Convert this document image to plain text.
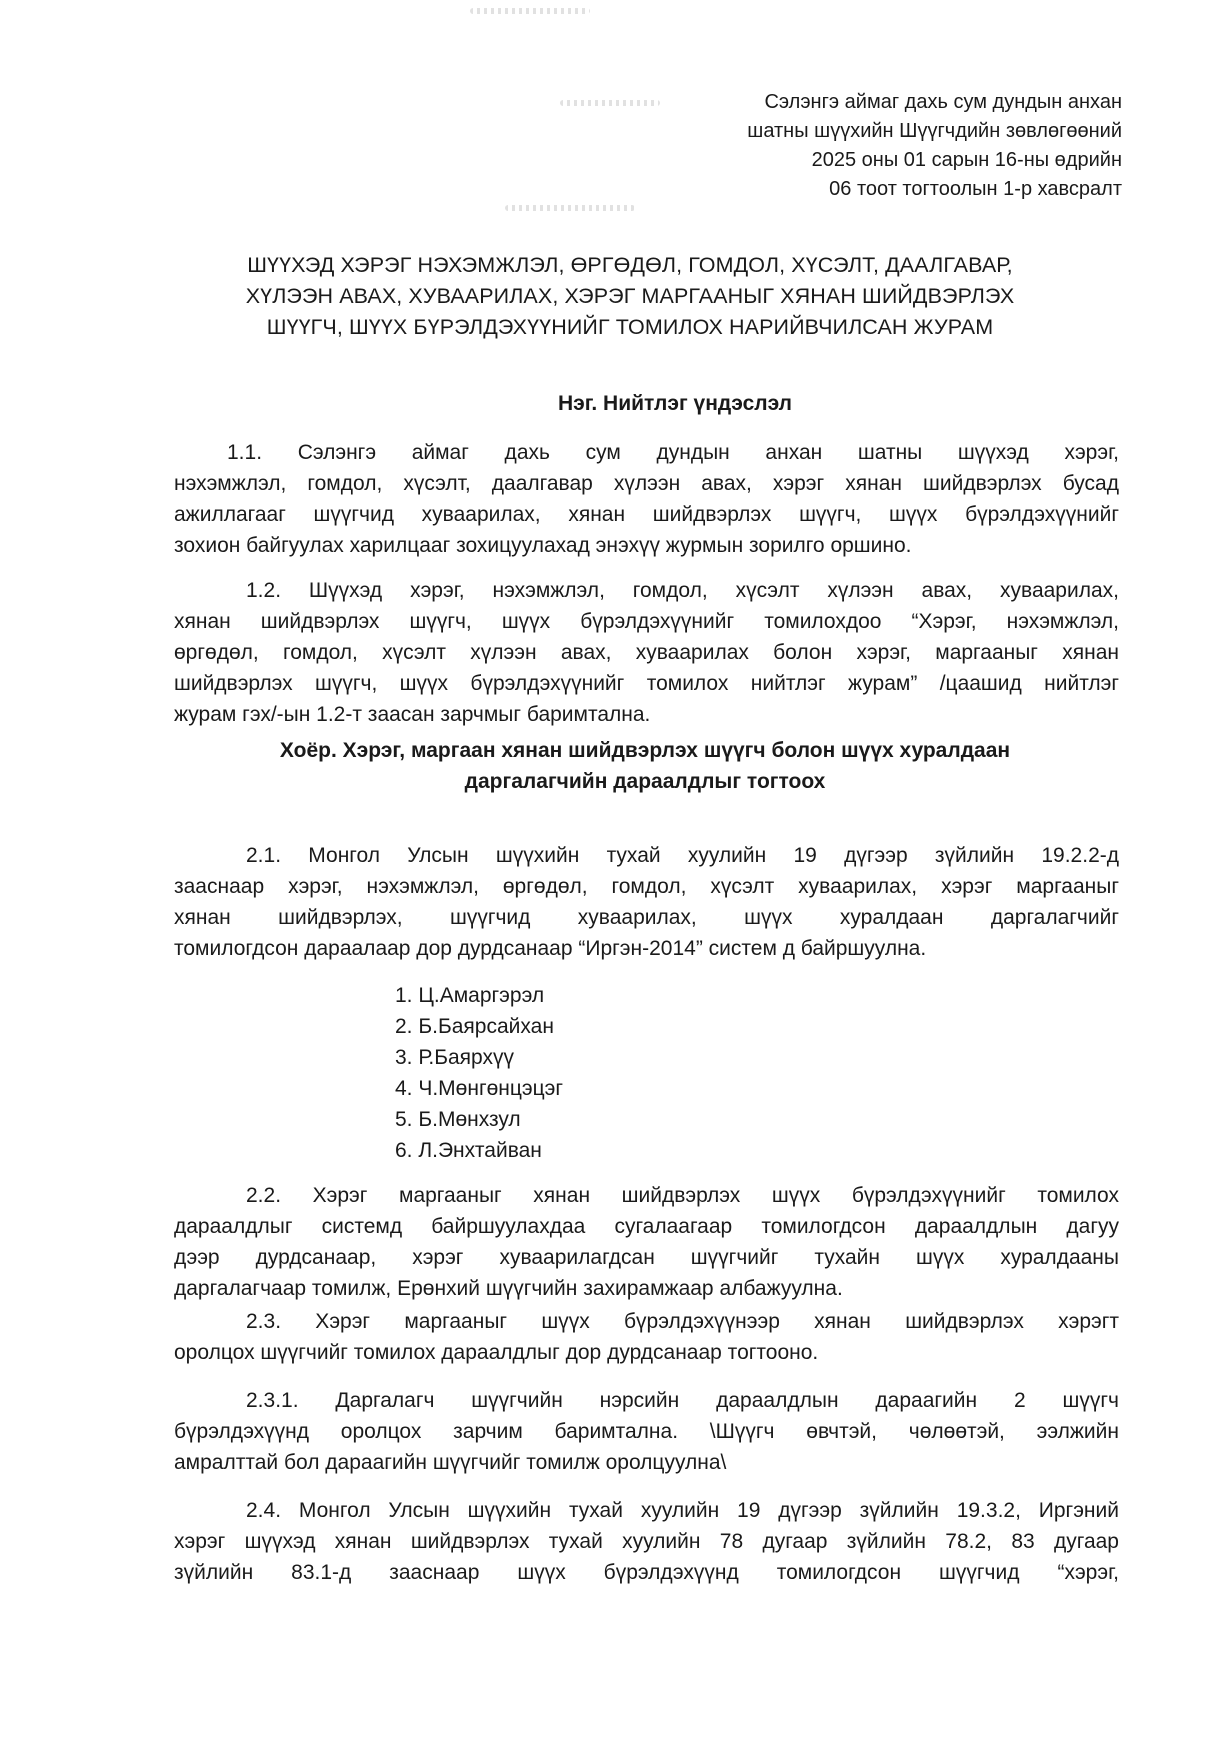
Сэлэнгэ аймаг дахь сум дундын анхан
шатны шүүхийн Шүүгчдийн зөвлөгөөний
2025 оны 01 сарын 16-ны өдрийн
06 тоот тогтоолын 1-р хавсралт
ШҮҮХЭД ХЭРЭГ НЭХЭМЖЛЭЛ, ӨРГӨДӨЛ, ГОМДОЛ, ХҮСЭЛТ, ДААЛГАВАР,
ХҮЛЭЭН АВАХ, ХУВААРИЛАХ, ХЭРЭГ МАРГААНЫГ ХЯНАН ШИЙДВЭРЛЭХ
ШҮҮГЧ, ШҮҮХ БҮРЭЛДЭХҮҮНИЙГ ТОМИЛОХ НАРИЙВЧИЛСАН ЖУРАМ
Нэг. Нийтлэг үндэслэл
1.1. Сэлэнгэ аймаг дахь сум дундын анхан шатны шүүхэд хэрэг,
нэхэмжлэл, гомдол, хүсэлт, даалгавар хүлээн авах, хэрэг хянан шийдвэрлэх бусад
ажиллагааг шүүгчид хуваарилах, хянан шийдвэрлэх шүүгч, шүүх бүрэлдэхүүнийг
зохион байгуулах харилцааг зохицуулахад энэхүү журмын зорилго оршино.
1.2. Шүүхэд хэрэг, нэхэмжлэл, гомдол, хүсэлт хүлээн авах, хуваарилах,
хянан шийдвэрлэх шүүгч, шүүх бүрэлдэхүүнийг томилохдоо “Хэрэг, нэхэмжлэл,
өргөдөл, гомдол, хүсэлт хүлээн авах, хуваарилах болон хэрэг, маргааныг хянан
шийдвэрлэх шүүгч, шүүх бүрэлдэхүүнийг томилох нийтлэг журам” /цаашид нийтлэг
журам гэх/-ын 1.2-т заасан зарчмыг баримтална.
Хоёр. Хэрэг, маргаан хянан шийдвэрлэх шүүгч болон шүүх хуралдаан
даргалагчийн дараалдлыг тогтоох
2.1. Монгол Улсын шүүхийн тухай хуулийн 19 дүгээр зүйлийн 19.2.2-д
зааснаар хэрэг, нэхэмжлэл, өргөдөл, гомдол, хүсэлт хуваарилах, хэрэг маргааныг
хянан шийдвэрлэх, шүүгчид хуваарилах, шүүх хуралдаан даргалагчийг
томилогдсон дараалаар дор дурдсанаар “Иргэн-2014” систем д байршуулна.
1. Ц.Амаргэрэл
2. Б.Баярсайхан
3. Р.Баярхүү
4. Ч.Мөнгөнцэцэг
5. Б.Мөнхзул
6. Л.Энхтайван
2.2. Хэрэг маргааныг хянан шийдвэрлэх шүүх бүрэлдэхүүнийг томилох
дараалдлыг системд байршуулахдаа сугалаагаар томилогдсон дараалдлын дагуу
дээр дурдсанаар, хэрэг хуваарилагдсан шүүгчийг тухайн шүүх хуралдааны
даргалагчаар томилж, Ерөнхий шүүгчийн захирамжаар албажуулна.
2.3. Хэрэг маргааныг шүүх бүрэлдэхүүнээр хянан шийдвэрлэх хэрэгт
оролцох шүүгчийг томилох дараалдлыг дор дурдсанаар тогтооно.
2.3.1. Даргалагч шүүгчийн нэрсийн дараалдлын дараагийн 2 шүүгч
бүрэлдэхүүнд оролцох зарчим баримтална. \Шүүгч өвчтэй, чөлөөтэй, ээлжийн
амралттай бол дараагийн шүүгчийг томилж оролцуулна\
2.4. Монгол Улсын шүүхийн тухай хуулийн 19 дүгээр зүйлийн 19.3.2, Иргэний
хэрэг шүүхэд хянан шийдвэрлэх тухай хуулийн 78 дугаар зүйлийн 78.2, 83 дугаар
зүйлийн 83.1-д зааснаар шүүх бүрэлдэхүүнд томилогдсон шүүгчид “хэрэг,
